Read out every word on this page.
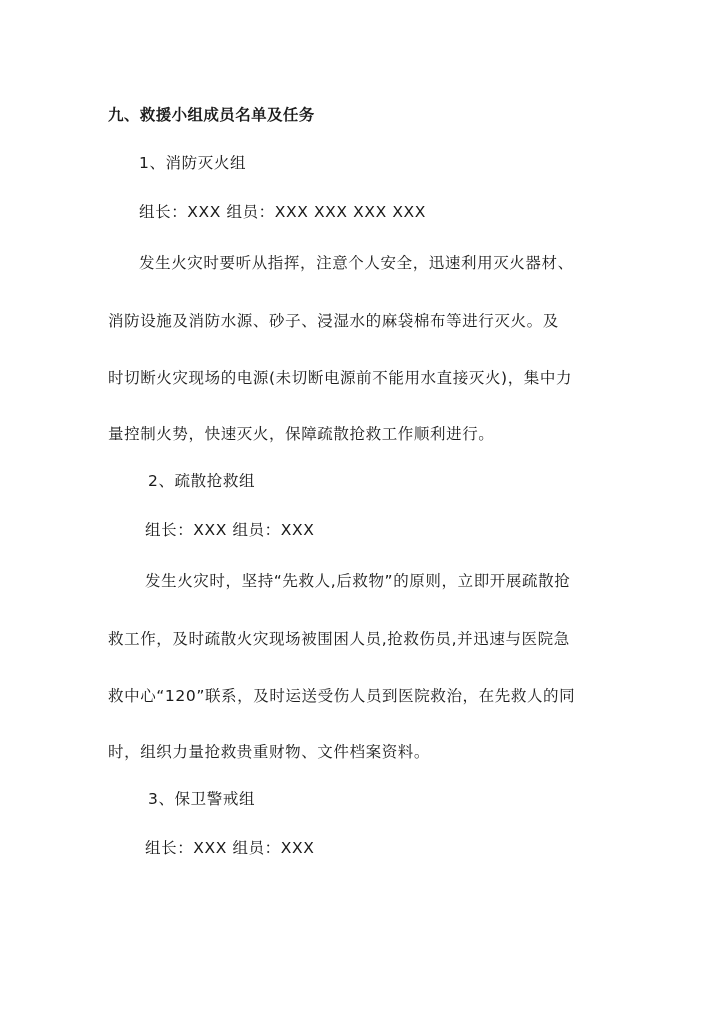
九、救援小组成员名单及任务
1、消防灭火组
组长：XXX 组员：XXX XXX XXX XXX
发生火灾时要听从指挥，注意个人安全，迅速利用灭火器材、
消防设施及消防水源、砂子、浸湿水的麻袋棉布等进行灭火。及
时切断火灾现场的电源(未切断电源前不能用水直接灭火)，集中力
量控制火势，快速灭火，保障疏散抢救工作顺利进行。
2、疏散抢救组
组长：XXX 组员：XXX
发生火灾时，坚持“先救人,后救物”的原则，立即开展疏散抢
救工作，及时疏散火灾现场被围困人员,抢救伤员,并迅速与医院急
救中心“120”联系，及时运送受伤人员到医院救治，在先救人的同
时，组织力量抢救贵重财物、文件档案资料。
3、保卫警戒组
组长：XXX 组员：XXX
